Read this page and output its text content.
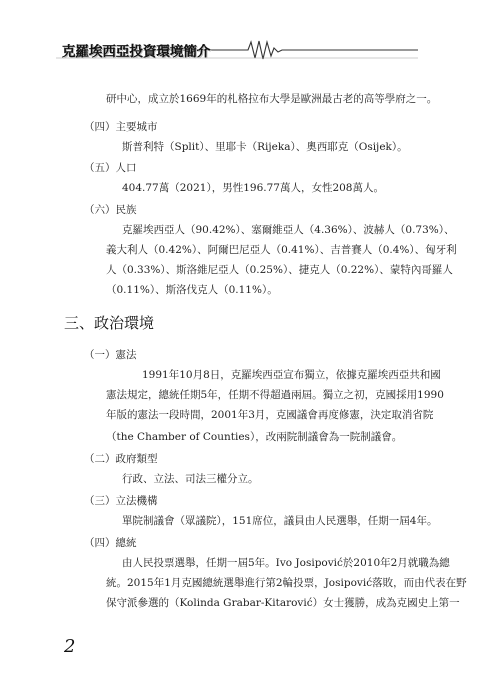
克羅埃西亞投資環境簡介
研中心，成立於1669年的札格拉布大學是歐洲最古老的高等學府之一。
（四）主要城市
斯普利特（Split）、里耶卡（Rijeka）、奧西耶克（Osijek）。
（五）人口
404.77萬（2021），男性196.77萬人，女性208萬人。
（六）民族
克羅埃西亞人（90.42%）、塞爾維亞人（4.36%）、波赫人（0.73%）、
義大利人（0.42%）、阿爾巴尼亞人（0.41%）、吉普賽人（0.4%）、匈牙利
人（0.33%）、斯洛維尼亞人（0.25%）、捷克人（0.22%）、蒙特內哥羅人
（0.11%）、斯洛伐克人（0.11%）。
三、政治環境
（一）憲法
1991年10月8日，克羅埃西亞宣布獨立，依據克羅埃西亞共和國
憲法規定，總統任期5年，任期不得超過兩屆。獨立之初，克國採用1990
年版的憲法一段時間，2001年3月，克國議會再度修憲，決定取消省院
（the Chamber of Counties），改兩院制議會為一院制議會。
（二）政府類型
行政、立法、司法三權分立。
（三）立法機構
單院制議會（眾議院），151席位，議員由人民選舉，任期一屆4年。
（四）總統
由人民投票選舉，任期一屆5年。Ivo Josipović於2010年2月就職為總
統。2015年1月克國總統選舉進行第2輪投票，Josipović落敗，而由代表在野
保守派參選的（Kolinda Grabar-Kitarović）女士獲勝，成為克國史上第一
2
